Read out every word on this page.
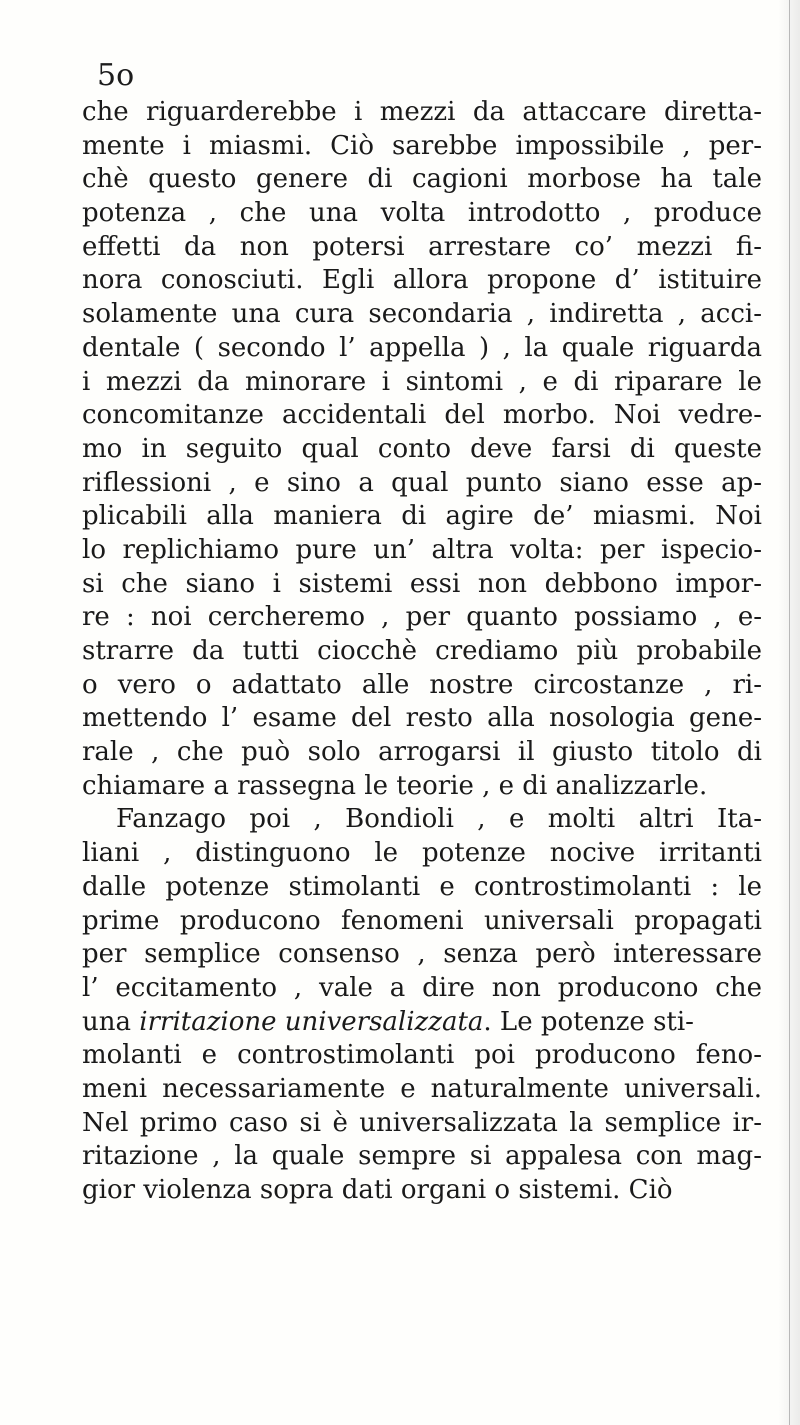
5o
che riguarderebbe i mezzi da attaccare diretta-
mente i miasmi. Ciò sarebbe impossibile , per-
chè questo genere di cagioni morbose ha tale
potenza , che una volta introdotto , produce
effetti da non potersi arrestare co’ mezzi fi-
nora conosciuti. Egli allora propone d’ istituire
solamente una cura secondaria , indiretta , acci-
dentale ( secondo l’ appella ) , la quale riguarda
i mezzi da minorare i sintomi , e di riparare le
concomitanze accidentali del morbo. Noi vedre-
mo in seguito qual conto deve farsi di queste
riflessioni , e sino a qual punto siano esse ap-
plicabili alla maniera di agire de’ miasmi. Noi
lo replichiamo pure un’ altra volta: per ispecio-
si che siano i sistemi essi non debbono impor-
re : noi cercheremo , per quanto possiamo , e-
strarre da tutti ciocchè crediamo più probabile
o vero o adattato alle nostre circostanze , ri-
mettendo l’ esame del resto alla nosologia gene-
rale , che può solo arrogarsi il giusto titolo di
chiamare a rassegna le teorie , e di analizzarle.
Fanzago poi , Bondioli , e molti altri Ita-
liani , distinguono le potenze nocive irritanti
dalle potenze stimolanti e controstimolanti : le
prime producono fenomeni universali propagati
per semplice consenso , senza però interessare
l’ eccitamento , vale a dire non producono che
una irritazione universalizzata. Le potenze sti-
molanti e controstimolanti poi producono feno-
meni necessariamente e naturalmente universali.
Nel primo caso si è universalizzata la semplice ir-
ritazione , la quale sempre si appalesa con mag-
gior violenza sopra dati organi o sistemi. Ciò
